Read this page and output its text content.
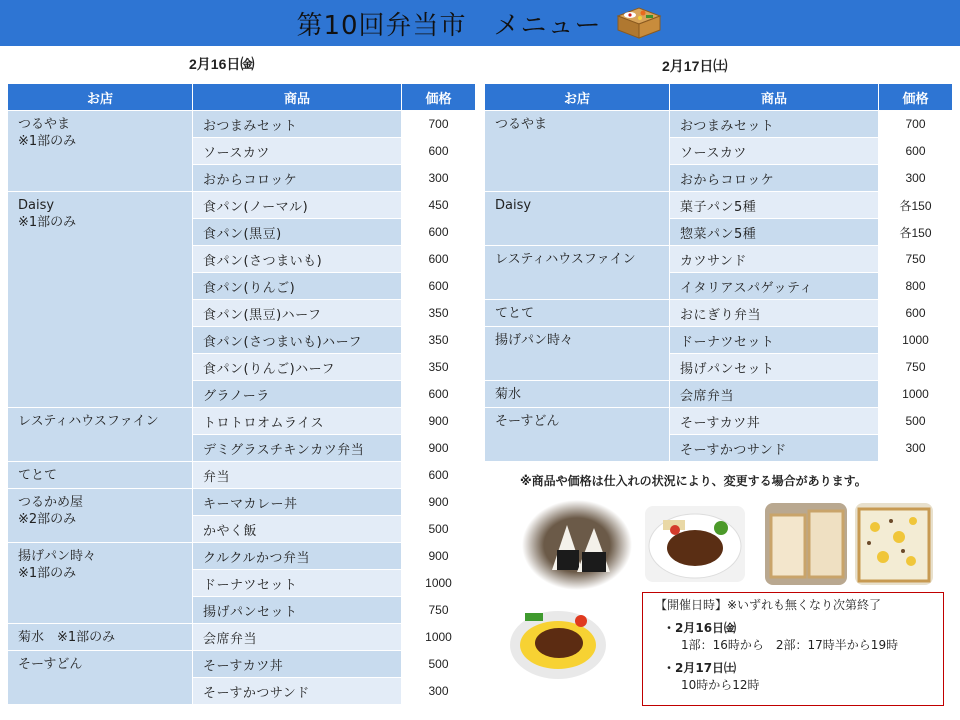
第10回弁当市　メニュー
2月16日㈮	2月17日㈯
お店	商品	価格

つるやま
※1部のみ	おつまみセット	700
	ソースカツ	600
	おからコロッケ	300

Daisy
※1部のみ	食パン(ノーマル)	450
	食パン(黒豆)	600
	食パン(さつまいも)	600
	食パン(りんご)	600
	食パン(黒豆)ハーフ	350
	食パン(さつまいも)ハーフ	350
	食パン(りんご)ハーフ	350
	グラノーラ	600

レスティハウスファイン	トロトロオムライス	900
	デミグラスチキンカツ弁当	900

てとて	弁当	600

つるかめ屋
※2部のみ	キーマカレー丼	900
	かやく飯	500

揚げパン時々
※1部のみ	クルクルかつ弁当	900
	ドーナツセット	1000
	揚げパンセット	750

菊水　※1部のみ	会席弁当	1000

そーすどん	そーすカツ丼	500
	そーすかつサンド	300
お店	商品	価格

つるやま	おつまみセット	700
	ソースカツ	600
	おからコロッケ	300

Daisy	菓子パン5種	各150
	惣菜パン5種	各150

レスティハウスファイン	カツサンド	750
	イタリアスパゲッティ	800

てとて	おにぎり弁当	600

揚げパン時々	ドーナツセット	1000
	揚げパンセット	750

菊水	会席弁当	1000

そーすどん	そーすカツ丼	500
	そーすかつサンド	300
※商品や価格は仕入れの状況により、変更する場合があります。
【開催日時】※いずれも無くなり次第終了
・2月16日㈮
1部：16時から　2部：17時半から19時
・2月17日㈯
10時から12時
